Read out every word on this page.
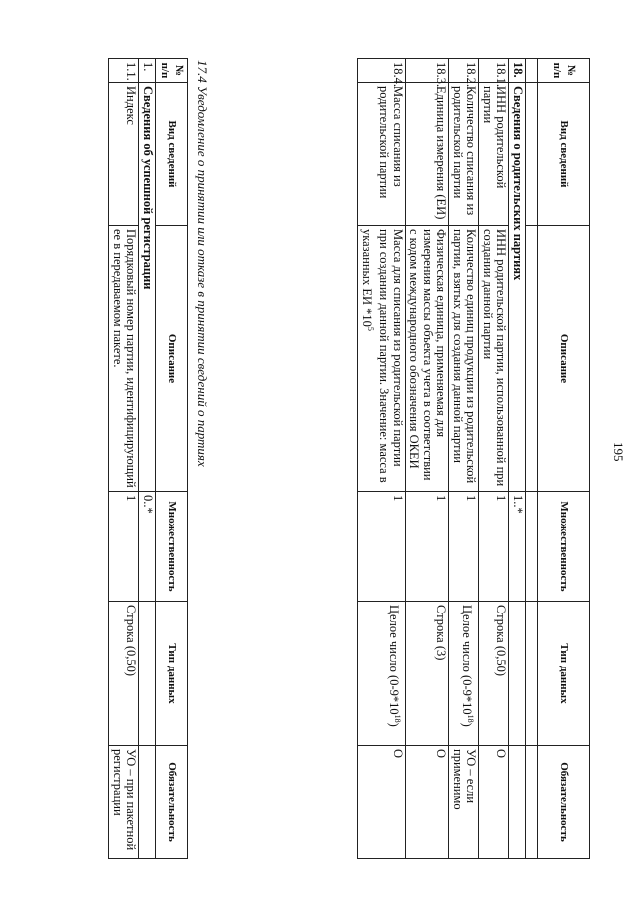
195
№ п/п	Вид сведений	Описание	Множественность	Тип данных	Обязательность

18.	Сведения о родительских партиях		1..*		
18.1.	ИНН родительской партии	ИНН родительской партии, использованной при создании данной партии	1	Строка (0,50)	О
18.2.	Количество списания из родительской партии	Количество единиц продукции из родительской партии, взятых для создания данной партии	1	Целое число $(0-9*10^{18})$	УО – если применимо
18.3.	Единица измерения (ЕИ)	Физическая единица, применяемая для измерения массы объекта учета в соответствии с кодом международного обозначения ОКЕИ	1	Строка (3)	О
18.4.	Масса списания из родительской партии	Масса для списания из родительской партии при создании данной партии. Значение: масса в указанных ЕИ $*10^5$	1	Целое число $(0-9*10^{18})$	О
17.4 Уведомление о принятии или отказе в принятии сведений о партиях
№ п/п	Вид сведений	Описание	Множественность	Тип данных	Обязательность
1.	Сведения об успешной регистрации		0..*		
1.1.	Индекс	Порядковый номер партии, идентифицирующий ее в передаваемом пакете.	1	Строка (0,50)	УО – при пакетной регистрации
